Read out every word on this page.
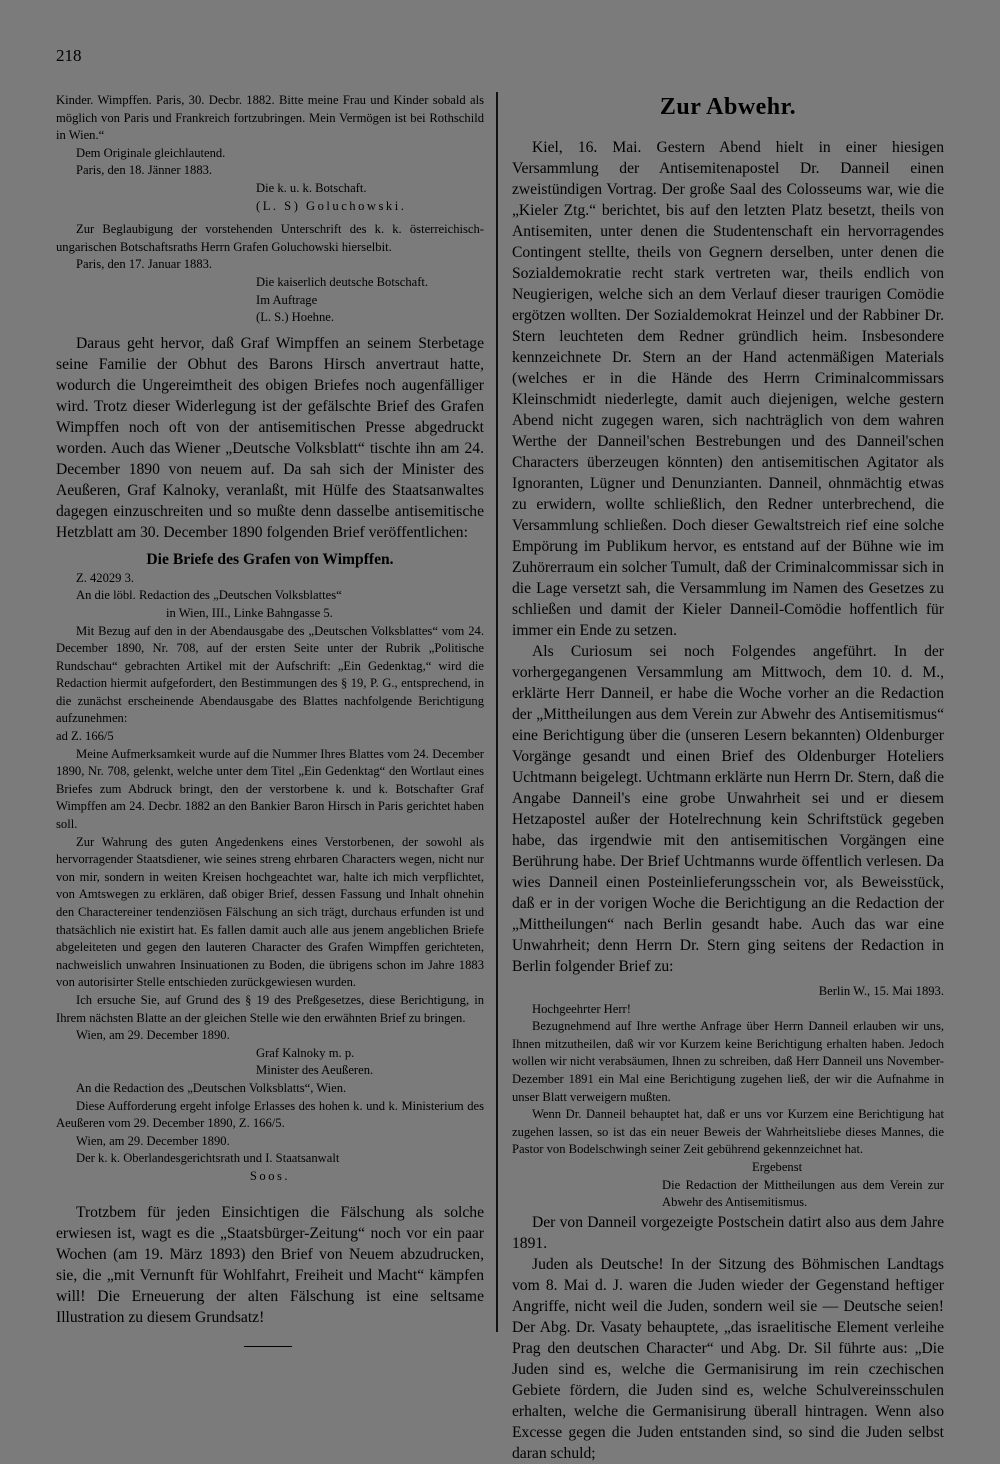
218

Kinder. Wimpffen. Paris, 30. Decbr. 1882. Bitte meine Frau und Kinder sobald als möglich von Paris und Frankreich fortzubringen. Mein Vermögen ist bei Rothschild in Wien.“

Dem Originale gleichlautend.

Paris, den 18. Jänner 1883.

Die k. u. k. Botschaft.

(L. S) Goluchowski.

Zur Beglaubigung der vorstehenden Unterschrift des k. k. österreichisch-ungarischen Botschaftsraths Herrn Grafen Goluchowski hierselbit.

Paris, den 17. Januar 1883.

Die kaiserlich deutsche Botschaft.

Im Auftrage

(L. S.) Hoehne.

Daraus geht hervor, daß Graf Wimpffen an seinem Sterbetage seine Familie der Obhut des Barons Hirsch anvertraut hatte, wodurch die Ungereimtheit des obigen Briefes noch augenfälliger wird. Trotz dieser Widerlegung ist der gefälschte Brief des Grafen Wimpffen noch oft von der antisemitischen Presse abgedruckt worden. Auch das Wiener „Deutsche Volksblatt“ tischte ihn am 24. December 1890 von neuem auf. Da sah sich der Minister des Aeußeren, Graf Kalnoky, veranlaßt, mit Hülfe des Staatsanwaltes dagegen einzuschreiten und so mußte denn dasselbe antisemitische Hetzblatt am 30. December 1890 folgenden Brief veröffentlichen:

Die Briefe des Grafen von Wimpffen.

Z. 42029 3.

An die löbl. Redaction des „Deutschen Volksblattes“

in Wien, III., Linke Bahngasse 5.

Mit Bezug auf den in der Abendausgabe des „Deutschen Volksblattes“ vom 24. December 1890, Nr. 708, auf der ersten Seite unter der Rubrik „Politische Rundschau“ gebrachten Artikel mit der Aufschrift: „Ein Gedenktag,“ wird die Redaction hiermit aufgefordert, den Bestimmungen des § 19, P. G., entsprechend, in die zunächst erscheinende Abendausgabe des Blattes nachfolgende Berichtigung aufzunehmen:

ad Z. 166/5

Meine Aufmerksamkeit wurde auf die Nummer Ihres Blattes vom 24. December 1890, Nr. 708, gelenkt, welche unter dem Titel „Ein Gedenktag“ den Wortlaut eines Briefes zum Abdruck bringt, den der verstorbene k. und k. Botschafter Graf Wimpffen am 24. Decbr. 1882 an den Bankier Baron Hirsch in Paris gerichtet haben soll.

Zur Wahrung des guten Angedenkens eines Verstorbenen, der sowohl als hervorragender Staatsdiener, wie seines streng ehrbaren Characters wegen, nicht nur von mir, sondern in weiten Kreisen hochgeachtet war, halte ich mich verpflichtet, von Amtswegen zu erklären, daß obiger Brief, dessen Fassung und Inhalt ohnehin den Charactereiner tendenziösen Fälschung an sich trägt, durchaus erfunden ist und thatsächlich nie existirt hat. Es fallen damit auch alle aus jenem angeblichen Briefe abgeleiteten und gegen den lauteren Character des Grafen Wimpffen gerichteten, nachweislich unwahren Insinuationen zu Boden, die übrigens schon im Jahre 1883 von autorisirter Stelle entschieden zurückgewiesen wurden.

Ich ersuche Sie, auf Grund des § 19 des Preßgesetzes, diese Berichtigung, in Ihrem nächsten Blatte an der gleichen Stelle wie den erwähnten Brief zu bringen.

Wien, am 29. December 1890.

Graf Kalnoky m. p.

Minister des Aeußeren.

An die Redaction des „Deutschen Volksblatts“, Wien.

Diese Aufforderung ergeht infolge Erlasses des hohen k. und k. Ministerium des Aeußeren vom 29. December 1890, Z. 166/5.

Wien, am 29. December 1890.

Der k. k. Oberlandesgerichtsrath und I. Staatsanwalt

Soos.

Trotzbem für jeden Einsichtigen die Fälschung als solche erwiesen ist, wagt es die „Staatsbürger-Zeitung“ noch vor ein paar Wochen (am 19. März 1893) den Brief von Neuem abzudrucken, sie, die „mit Vernunft für Wohlfahrt, Freiheit und Macht“ kämpfen will! Die Erneuerung der alten Fälschung ist eine seltsame Illustration zu diesem Grundsatz!

Zur Abwehr.

Kiel, 16. Mai. Gestern Abend hielt in einer hiesigen Versammlung der Antisemitenapostel Dr. Danneil einen zweistündigen Vortrag. Der große Saal des Colosseums war, wie die „Kieler Ztg.“ berichtet, bis auf den letzten Platz besetzt, theils von Antisemiten, unter denen die Studentenschaft ein hervorragendes Contingent stellte, theils von Gegnern derselben, unter denen die Sozialdemokratie recht stark vertreten war, theils endlich von Neugierigen, welche sich an dem Verlauf dieser traurigen Comödie ergötzen wollten. Der Sozialdemokrat Heinzel und der Rabbiner Dr. Stern leuchteten dem Redner gründlich heim. Insbesondere kennzeichnete Dr. Stern an der Hand actenmäßigen Materials (welches er in die Hände des Herrn Criminalcommissars Kleinschmidt niederlegte, damit auch diejenigen, welche gestern Abend nicht zugegen waren, sich nachträglich von dem wahren Werthe der Danneil'schen Bestrebungen und des Danneil'schen Characters überzeugen könnten) den antisemitischen Agitator als Ignoranten, Lügner und Denunzianten. Danneil, ohnmächtig etwas zu erwidern, wollte schließlich, den Redner unterbrechend, die Versammlung schließen. Doch dieser Gewaltstreich rief eine solche Empörung im Publikum hervor, es entstand auf der Bühne wie im Zuhörerraum ein solcher Tumult, daß der Criminalcommissar sich in die Lage versetzt sah, die Versammlung im Namen des Gesetzes zu schließen und damit der Kieler Danneil-Comödie hoffentlich für immer ein Ende zu setzen.

Als Curiosum sei noch Folgendes angeführt. In der vorhergegangenen Versammlung am Mittwoch, dem 10. d. M., erklärte Herr Danneil, er habe die Woche vorher an die Redaction der „Mittheilungen aus dem Verein zur Abwehr des Antisemitismus“ eine Berichtigung über die (unseren Lesern bekannten) Oldenburger Vorgänge gesandt und einen Brief des Oldenburger Hoteliers Uchtmann beigelegt. Uchtmann erklärte nun Herrn Dr. Stern, daß die Angabe Danneil's eine grobe Unwahrheit sei und er diesem Hetzapostel außer der Hotelrechnung kein Schriftstück gegeben habe, das irgendwie mit den antisemitischen Vorgängen eine Berührung habe. Der Brief Uchtmanns wurde öffentlich verlesen. Da wies Danneil einen Posteinlieferungsschein vor, als Beweisstück, daß er in der vorigen Woche die Berichtigung an die Redaction der „Mittheilungen“ nach Berlin gesandt habe. Auch das war eine Unwahrheit; denn Herrn Dr. Stern ging seitens der Redaction in Berlin folgender Brief zu:

Berlin W., 15. Mai 1893.

Hochgeehrter Herr!

Bezugnehmend auf Ihre werthe Anfrage über Herrn Danneil erlauben wir uns, Ihnen mitzutheilen, daß wir vor Kurzem keine Berichtigung erhalten haben. Jedoch wollen wir nicht verabsäumen, Ihnen zu schreiben, daß Herr Danneil uns November-Dezember 1891 ein Mal eine Berichtigung zugehen ließ, der wir die Aufnahme in unser Blatt verweigern mußten.

Wenn Dr. Danneil behauptet hat, daß er uns vor Kurzem eine Berichtigung hat zugehen lassen, so ist das ein neuer Beweis der Wahrheitsliebe dieses Mannes, die Pastor von Bodelschwingh seiner Zeit gebührend gekennzeichnet hat.

Ergebenst

Die Redaction der Mittheilungen aus dem Verein zur Abwehr des Antisemitismus.

Der von Danneil vorgezeigte Postschein datirt also aus dem Jahre 1891.

Juden als Deutsche! In der Sitzung des Böhmischen Landtags vom 8. Mai d. J. waren die Juden wieder der Gegenstand heftiger Angriffe, nicht weil die Juden, sondern weil sie — Deutsche seien! Der Abg. Dr. Vasaty behauptete, „das israelitische Element verleihe Prag den deutschen Character“ und Abg. Dr. Sil führte aus: „Die Juden sind es, welche die Germanisirung im rein czechischen Gebiete fördern, die Juden sind es, welche Schulvereinsschulen erhalten, welche die Germanisirung überall hintragen. Wenn also Excesse gegen die Juden entstanden sind, so sind die Juden selbst daran schuld;
